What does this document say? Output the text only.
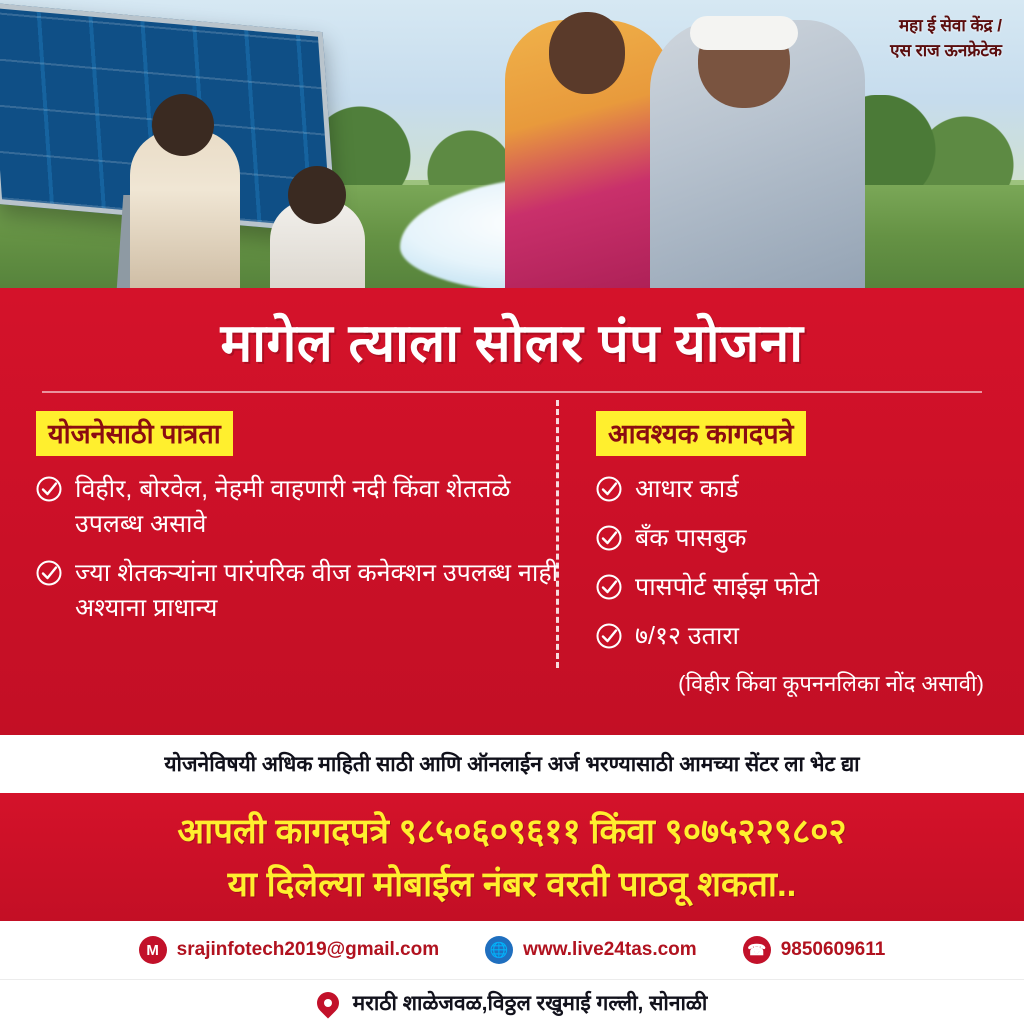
महा ई सेवा केंद्र /
एस राज ऊनफ्रेटेक
मागेल त्याला सोलर पंप योजना
योजनेसाठी पात्रता
विहीर, बोरवेल, नेहमी वाहणारी नदी किंवा शेततळे उपलब्ध असावे
ज्या शेतकऱ्यांना पारंपरिक वीज कनेक्शन उपलब्ध नाही अश्याना प्राधान्य
आवश्यक कागदपत्रे
आधार कार्ड
बँक पासबुक
पासपोर्ट साईझ फोटो
७/१२ उतारा
(विहीर किंवा कूपननलिका नोंद असावी)
योजनेविषयी अधिक माहिती साठी आणि ऑनलाईन अर्ज भरण्यासाठी आमच्या सेंटर ला भेट द्या
आपली कागदपत्रे ९८५०६०९६११ किंवा ९०७५२२९८०२
या दिलेल्या मोबाईल नंबर वरती पाठवू शकता..
M srajinfotech2019@gmail.com	🌐 www.live24tas.com	☎ 9850609611
मराठी शाळेजवळ,विठ्ठल रखुमाई गल्ली, सोनाळी
